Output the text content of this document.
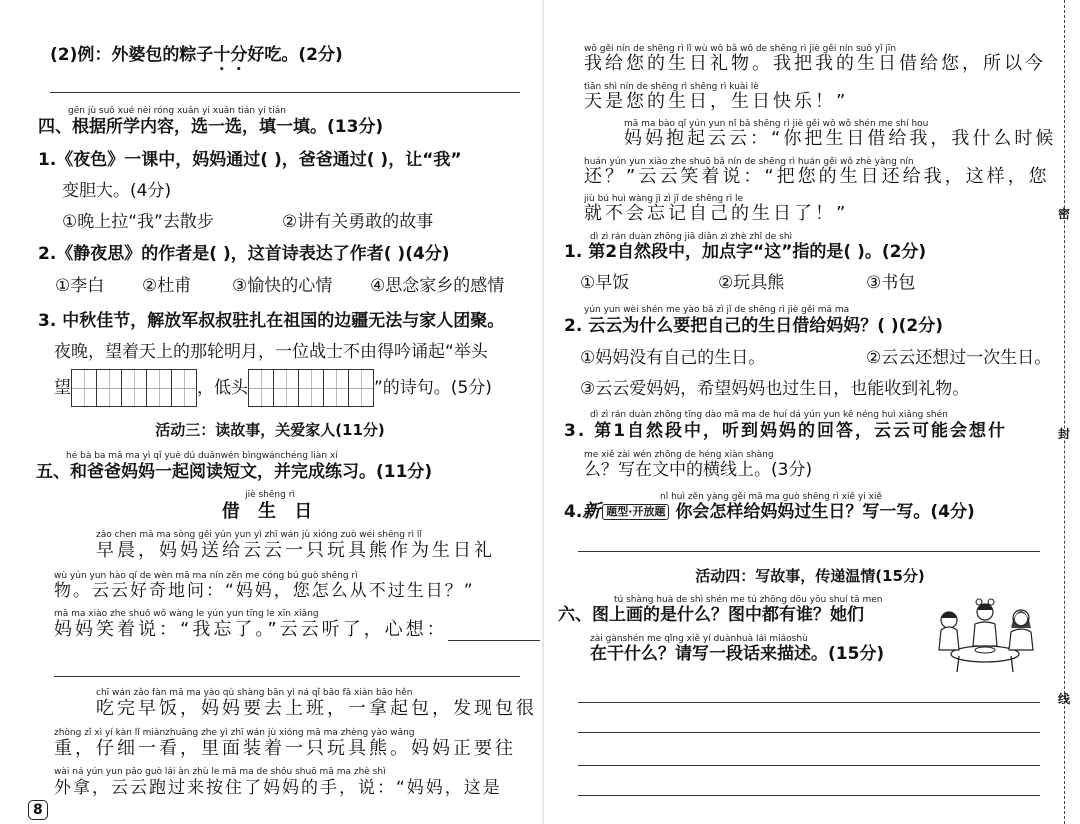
(2)例：外婆包的粽子十分好吃。(2分)
gēn jù suǒ xué nèi róng xuǎn yi xuǎn tián yi tián
四、根据所学内容，选一选，填一填。(13分)
1.《夜色》一课中，妈妈通过( )，爸爸通过( )，让“我”
变胆大。(4分)
①晚上拉“我”去散步	②讲有关勇敢的故事
2.《静夜思》的作者是( )，这首诗表达了作者( )(4分)
①李白 ②杜甫 ③愉快的心情 ④思念家乡的感情
3. 中秋佳节，解放军叔叔驻扎在祖国的边疆无法与家人团聚。
夜晚，望着天上的那轮明月，一位战士不由得吟诵起“举头
望	，低头	”的诗句。(5分)
活动三：读故事，关爱家人(11分)
hé bà ba mā ma yì qǐ yuè dú duǎnwén bìngwánchéng liàn xí
五、和爸爸妈妈一起阅读短文，并完成练习。(11分)
jiè shēng rì
借 生 日
zǎo chen mā ma sòng gěi yún yun yì zhī wán jù xióng zuò wéi shēng rì lǐ
早晨，妈妈送给云云一只玩具熊作为生日礼
wù yún yun hào qí de wèn mā ma nín zěn me cóng bú guò shēng rì
物。云云好奇地问：“妈妈，您怎么从不过生日？”
mā ma xiào zhe shuō wǒ wàng le yún yun tīng le xīn xiǎng
妈妈笑着说：“我忘了。”云云听了，心想：
chī wán zǎo fàn mā ma yào qù shàng bān yì ná qǐ bāo fā xiàn bāo hěn
吃完早饭，妈妈要去上班，一拿起包，发现包很
zhòng zǐ xì yí kàn lǐ miànzhuāng zhe yì zhī wán jù xióng mā ma zhèng yào wǎng
重，仔细一看，里面装着一只玩具熊。妈妈正要往
wài ná yún yun pǎo guò lái àn zhù le mā ma de shǒu shuō mā ma zhè shì
外拿，云云跑过来按住了妈妈的手，说：“妈妈，这是
8
wǒ gěi nín de shēng rì lǐ wù wǒ bǎ wǒ de shēng rì jiè gěi nín suǒ yǐ jīn
我给您的生日礼物。我把我的生日借给您，所以今
tiān shì nín de shēng rì shēng rì kuài lè
天是您的生日，生日快乐！”
mā ma bào qǐ yún yun nǐ bǎ shēng rì jiè gěi wǒ wǒ shén me shí hou
妈妈抱起云云：“你把生日借给我，我什么时候
huán yún yun xiào zhe shuō bǎ nín de shēng rì huán gěi wǒ zhè yàng nín
还？”云云笑着说：“把您的生日还给我，这样，您
jiù bú huì wàng jì zì jǐ de shēng rì le
就不会忘记自己的生日了！”
dì zì rán duàn zhōng jiā diǎn zì zhè zhǐ de shì
1. 第2自然段中，加点字“这”指的是( )。(2分)
①早饭	②玩具熊	③书包
yún yun wèi shén me yào bǎ zì jǐ de shēng rì jiè gěi mā ma
2. 云云为什么要把自己的生日借给妈妈？( )(2分)
①妈妈没有自己的生日。	②云云还想过一次生日。
③云云爱妈妈，希望妈妈也过生日，也能收到礼物。
dì zì rán duàn zhōng tīng dào mā ma de huí dá yún yun kě néng huì xiǎng shén
3. 第1自然段中，听到妈妈的回答，云云可能会想什
me xiě zài wén zhōng de héng xiàn shàng
么？写在文中的横线上。(3分)
nǐ huì zěn yàng gěi mā ma guò shēng rì xiě yi xiě
4.新 题型·开放题 你会怎样给妈妈过生日？写一写。(4分)
活动四：写故事，传递温情(15分)
tú shàng huà de shì shén me tú zhōng dōu yǒu shuí tā men
六、图上画的是什么？图中都有谁？她们
zài gànshén me qǐng xiě yí duànhuà lái miáoshù
在干什么？请写一段话来描述。(15分)
密
封
线
